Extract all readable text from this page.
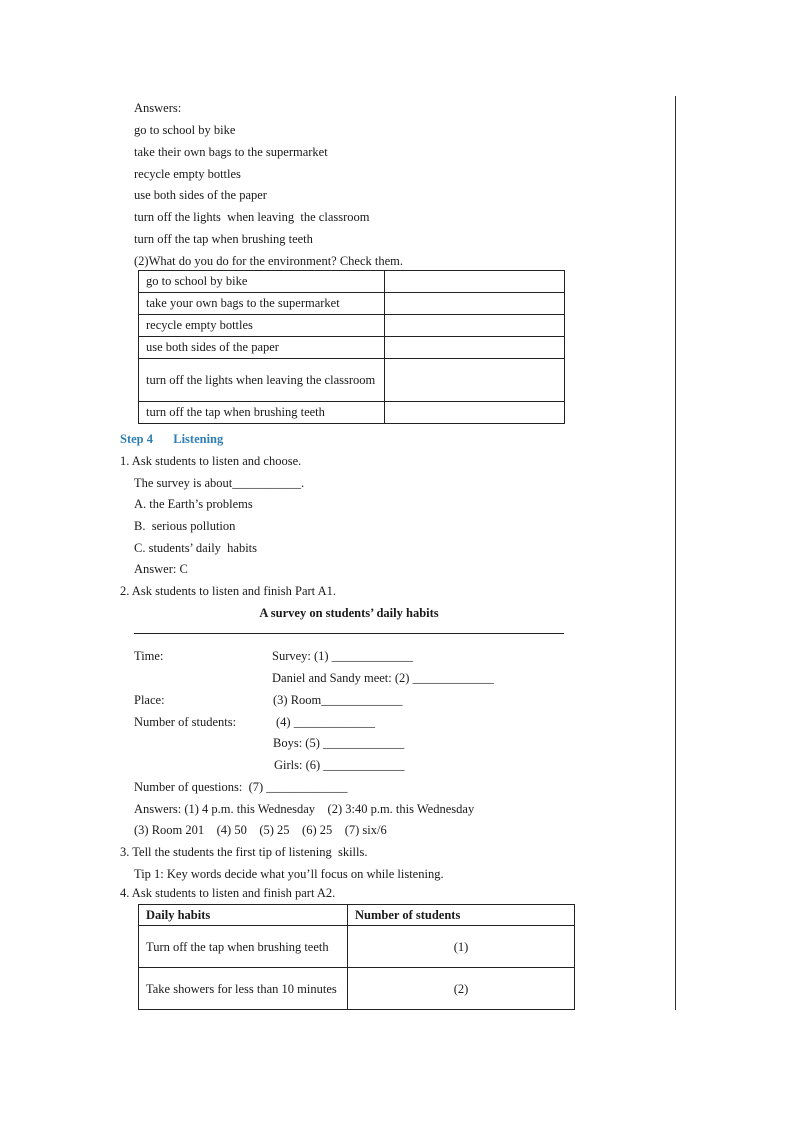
Answers:
go to school by bike
take their own bags to the supermarket
recycle empty bottles
use both sides of the paper
turn off the lights  when leaving  the classroom
turn off the tap when brushing teeth
(2)What do you do for the environment? Check them.
go to school by bike	
take your own bags to the supermarket	
recycle empty bottles	
use both sides of the paper	
turn off the lights when leaving the classroom	
turn off the tap when brushing teeth	
Step 4 Listening
1. Ask students to listen and choose.
The survey is about___________.
A. the Earth’s problems
B.  serious pollution
C. students’ daily  habits
Answer: C
2. Ask students to listen and finish Part A1.
A survey on students’ daily habits
Time:	Survey: (1) _____________
Daniel and Sandy meet: (2) _____________
Place:	(3) Room_____________
Number of students:	(4) _____________
Boys: (5) _____________
Girls: (6) _____________
Number of questions:  (7) _____________
Answers: (1) 4 p.m. this Wednesday    (2) 3:40 p.m. this Wednesday
(3) Room 201    (4) 50    (5) 25    (6) 25    (7) six/6
3. Tell the students the first tip of listening  skills.
Tip 1: Key words decide what you’ll focus on while listening.
4. Ask students to listen and finish part A2.
Daily habits	Number of students
Turn off the tap when brushing teeth	(1)
Take showers for less than 10 minutes	(2)
